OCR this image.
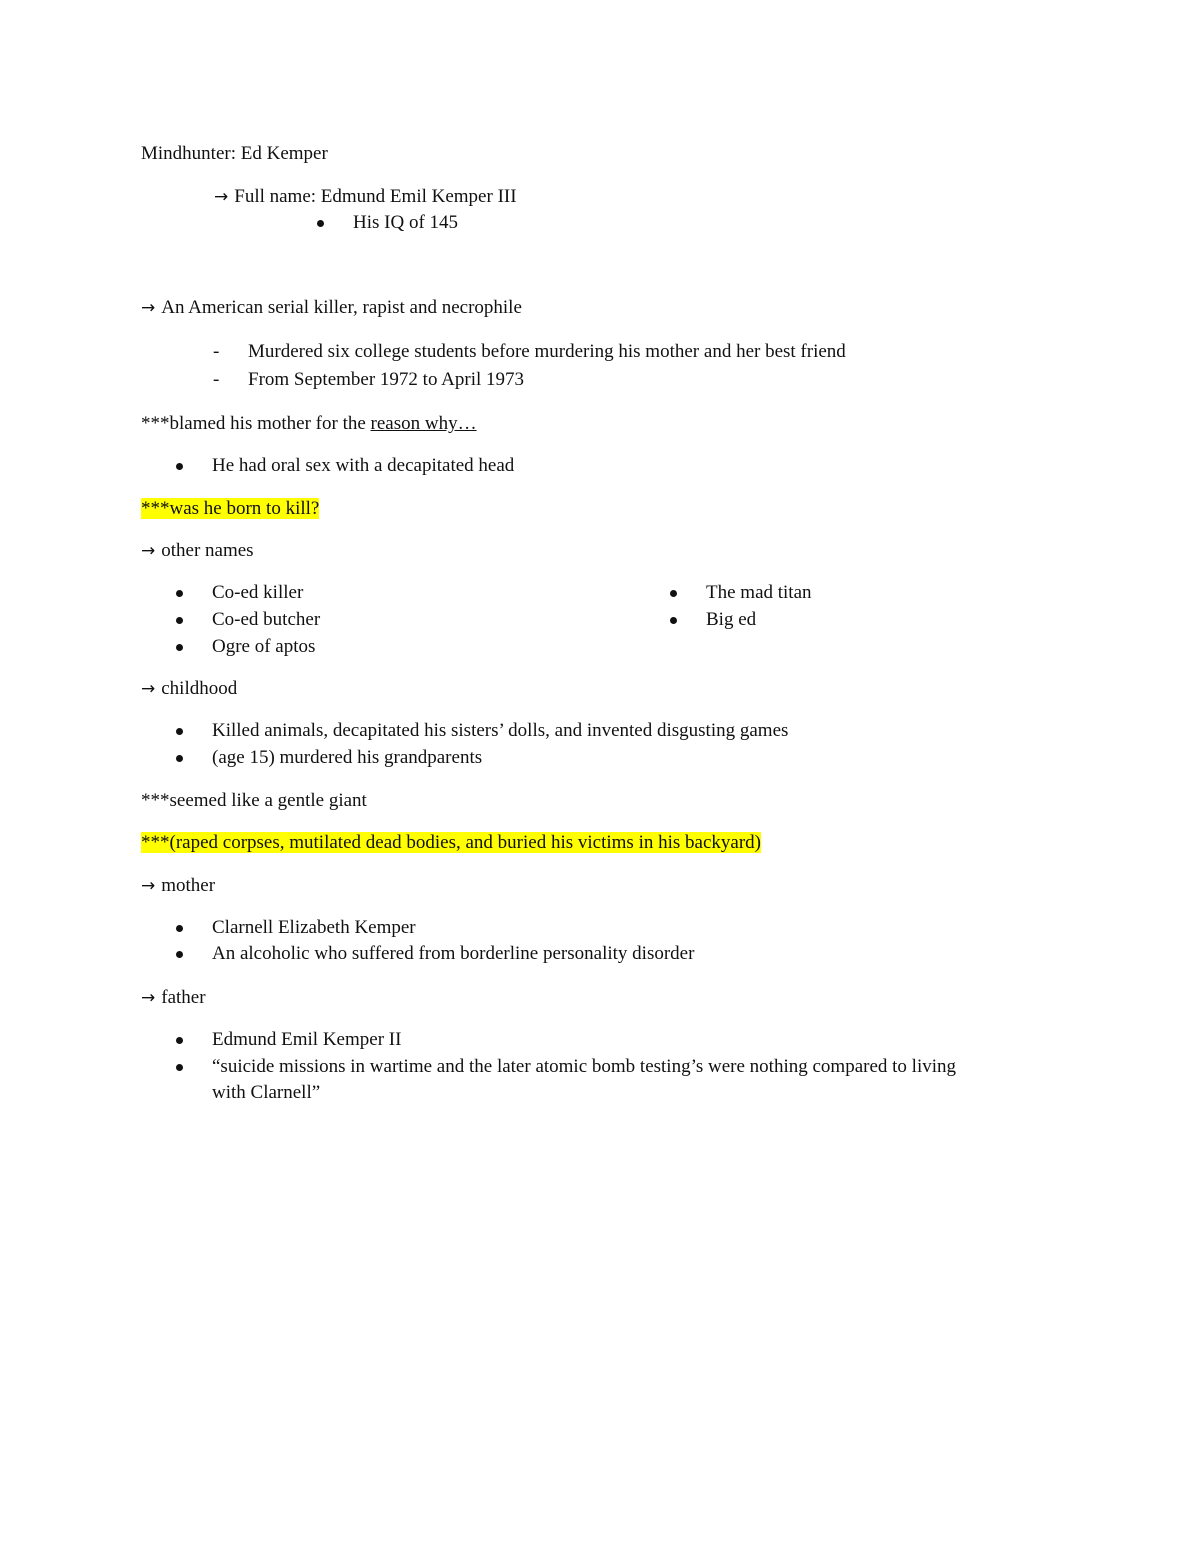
Mindhunter: Ed Kemper
→ Full name: Edmund Emil Kemper III
His IQ of 145
→ An American serial killer, rapist and necrophile
- Murdered six college students before murdering his mother and her best friend
- From September 1972 to April 1973
***blamed his mother for the reason why…
He had oral sex with a decapitated head
***was he born to kill?
→ other names
Co-ed killer
Co-ed butcher
Ogre of aptos
The mad titan
Big ed
→ childhood
Killed animals, decapitated his sisters’ dolls, and invented disgusting games
(age 15) murdered his grandparents
***seemed like a gentle giant
***(raped corpses, mutilated dead bodies, and buried his victims in his backyard)
→ mother
Clarnell Elizabeth Kemper
An alcoholic who suffered from borderline personality disorder
→ father
Edmund Emil Kemper II
“suicide missions in wartime and the later atomic bomb testing’s were nothing compared to living
with Clarnell”
